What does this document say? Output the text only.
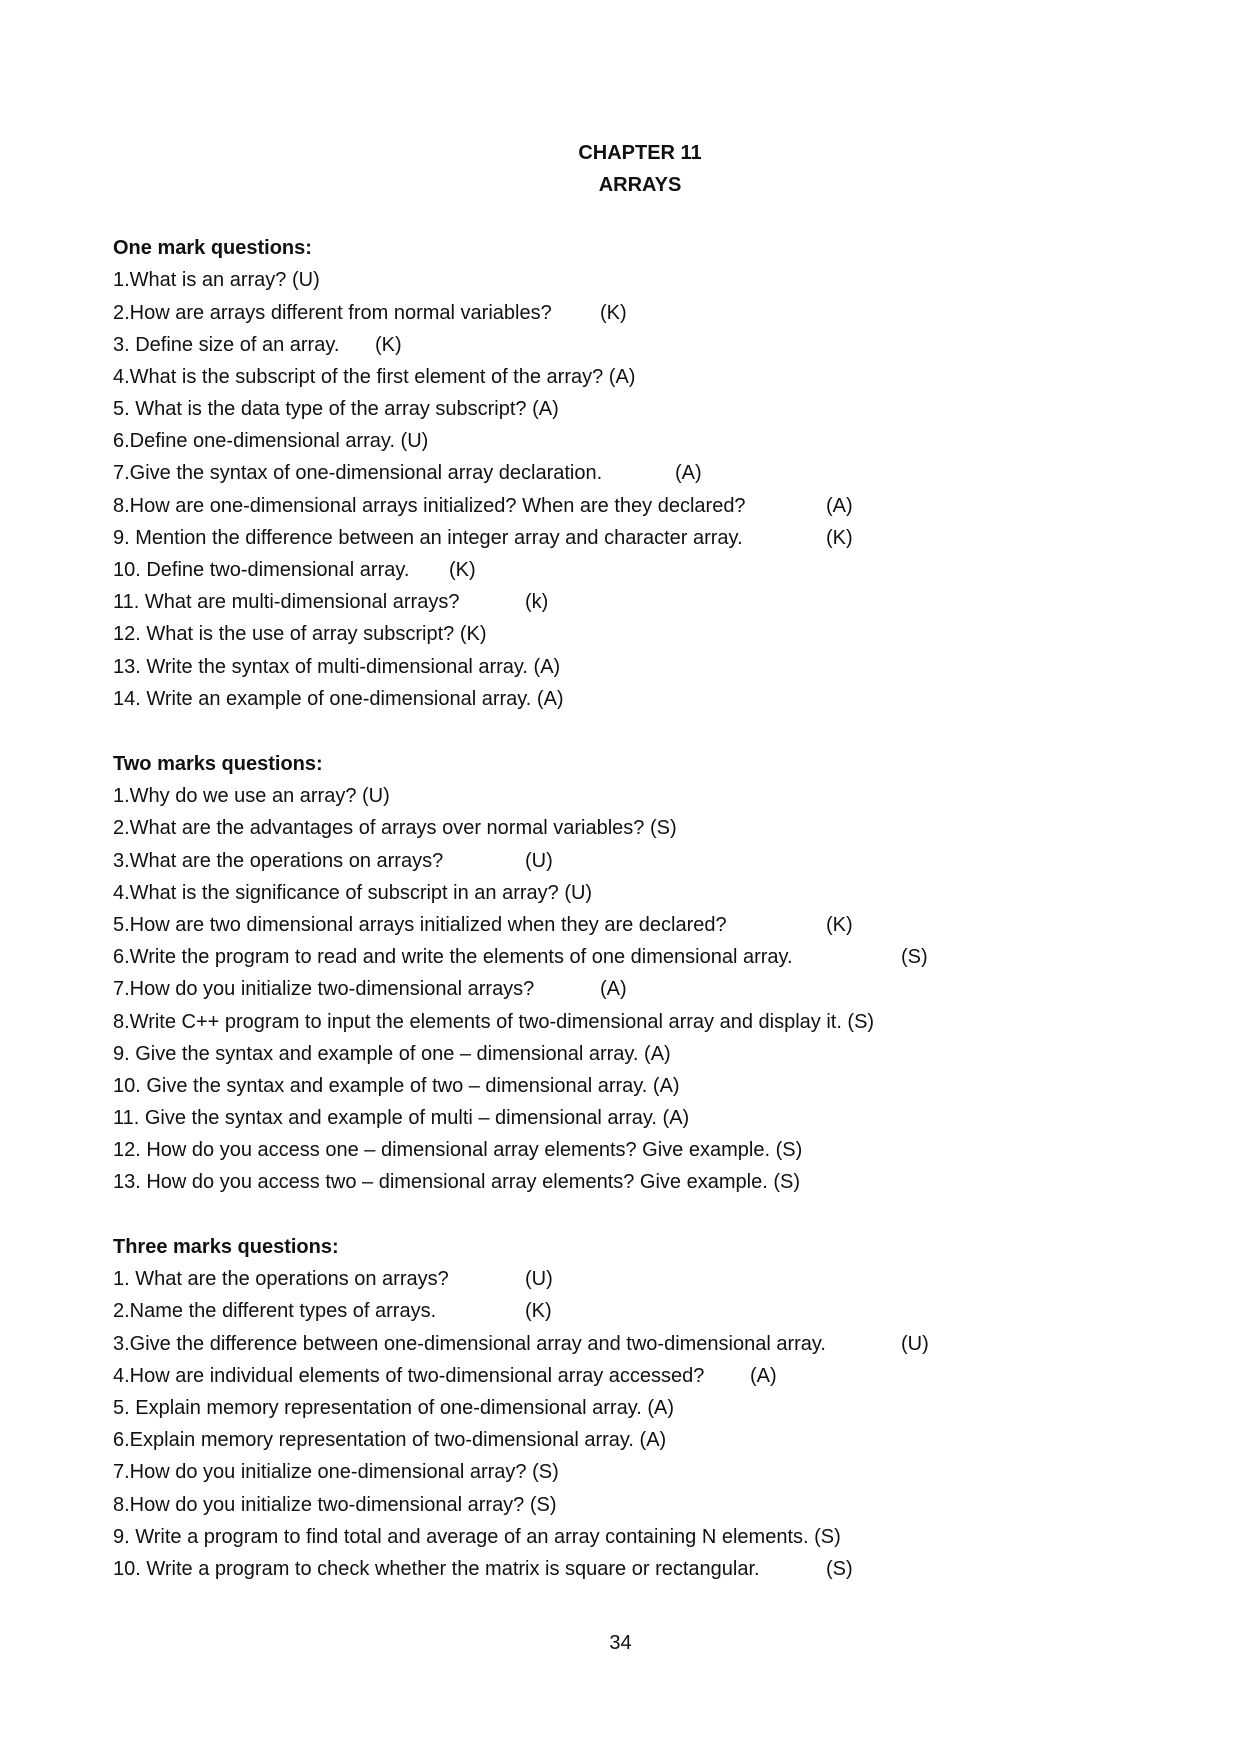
CHAPTER 11
ARRAYS
One mark questions:
1.What is an array? (U)
2.How are arrays different from normal variables? (K)
3. Define size of an array. (K)
4.What is the subscript of the first element of the array? (A)
5. What is the data type of the array subscript? (A)
6.Define one-dimensional array. (U)
7.Give the syntax of one-dimensional array declaration.	(A)
8.How are one-dimensional arrays initialized? When are they declared?	(A)
9. Mention the difference between an integer array and character array.	(K)
10. Define two-dimensional array. (K)
11. What are multi-dimensional arrays?	(k)
12. What is the use of array subscript? (K)
13. Write the syntax of multi-dimensional array. (A)
14. Write an example of one-dimensional array. (A)
Two marks questions:
1.Why do we use an array? (U)
2.What are the advantages of arrays over normal variables? (S)
3.What are the operations on arrays?	(U)
4.What is the significance of subscript in an array? (U)
5.How are two dimensional arrays initialized when they are declared?	(K)
6.Write the program to read and write the elements of one dimensional array.	(S)
7.How do you initialize two-dimensional arrays?	(A)
8.Write C++ program to input the elements of two-dimensional array and display it. (S)
9. Give the syntax and example of one – dimensional array. (A)
10. Give the syntax and example of two – dimensional array. (A)
11. Give the syntax and example of multi – dimensional array. (A)
12. How do you access one – dimensional array elements? Give example. (S)
13. How do you access two – dimensional array elements? Give example. (S)
Three marks questions:
1. What are the operations on arrays?	(U)
2.Name the different types of arrays.	(K)
3.Give the difference between one-dimensional array and two-dimensional array.	(U)
4.How are individual elements of two-dimensional array accessed? (A)
5. Explain memory representation of one-dimensional array. (A)
6.Explain memory representation of two-dimensional array. (A)
7.How do you initialize one-dimensional array? (S)
8.How do you initialize two-dimensional array? (S)
9. Write a program to find total and average of an array containing N elements. (S)
10. Write a program to check whether the matrix is square or rectangular.	(S)
34
